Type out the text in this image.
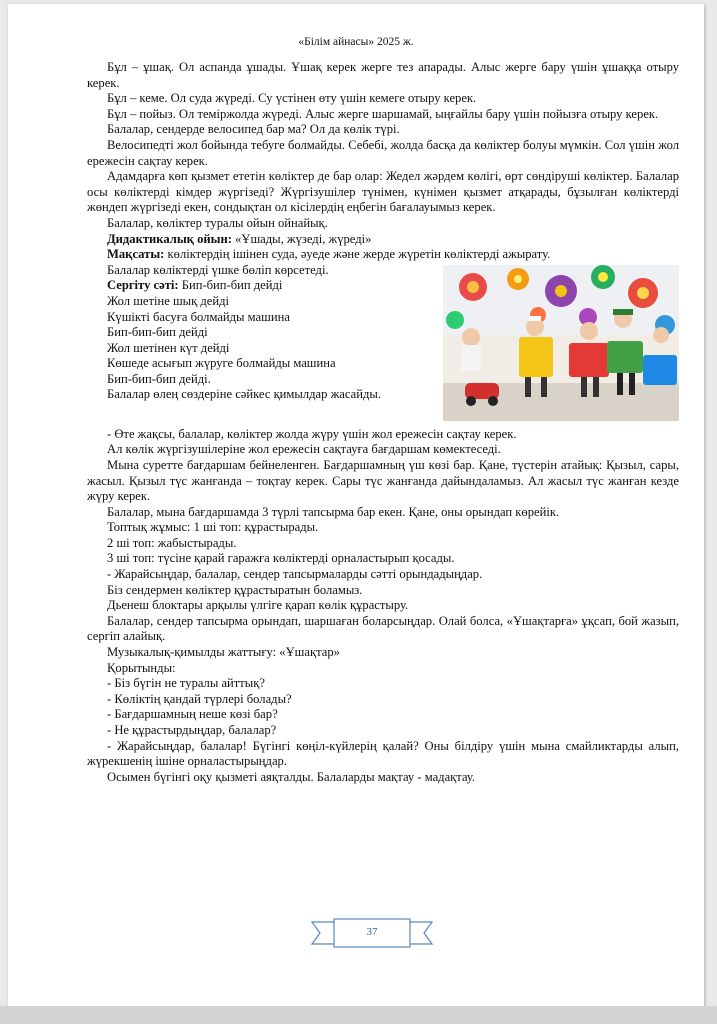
«Білім айнасы» 2025 ж.

Бұл – ұшақ. Ол аспанда ұшады. Ұшақ керек жерге тез апарады. Алыс жерге бару үшін ұшаққа отыру керек.

Бұл – кеме. Ол суда жүреді. Су үстінен өту үшін кемеге отыру керек.

Бұл – пойыз. Ол теміржолда жүреді. Алыс жерге шаршамай, ыңғайлы бару үшін пойызға отыру керек.

Балалар, сендерде велосипед бар ма? Ол да көлік түрі.

Велосипедті жол бойында тебуге болмайды. Себебі, жолда басқа да көліктер болуы мүмкін. Сол үшін жол ережесін сақтау керек.

Адамдарға көп қызмет ететін көліктер де бар олар: Жедел жәрдем көлігі, өрт сөндіруші көліктер. Балалар осы көліктерді кімдер жүргізеді? Жүргізушілер түнімен, күнімен қызмет атқарады, бұзылған көліктерді жөндеп жүргізеді екен, сондықтан ол кісілердің еңбегін бағалауымыз керек.

Балалар, көліктер туралы ойын ойнайық.

Дидактикалық ойын: «Ұшады, жүзеді, жүреді»

Мақсаты: көліктердің ішінен суда, әуеде және жерде жүретін көліктерді ажырату.

Балалар көліктерді үшке бөліп көрсетеді.

Сергіту сәті: Бип-бип-бип дейді

Жол шетіне шық дейді

Күшікті басуға болмайды машина

Бип-бип-бип дейді

Жол шетінен күт дейді

Көшеде асығып жүруге болмайды машина

Бип-бип-бип дейді.

Балалар өлең сөздеріне сәйкес қимылдар жасайды.

- Өте жақсы, балалар, көліктер жолда жүру үшін жол ережесін сақтау керек.

Ал көлік жүргізушілеріне жол ережесін сақтауға бағдаршам көмектеседі.

Мына суретте бағдаршам бейнеленген. Бағдаршамның үш көзі бар. Қане, түстерін атайық: Қызыл, сары, жасыл. Қызыл түс жанғанда – тоқтау керек. Сары түс жанғанда дайындаламыз. Ал жасыл түс жанған кезде жүру керек.

Балалар, мына бағдаршамда 3 түрлі тапсырма бар екен. Қане, оны орындап көрейік.

Топтық жұмыс: 1 ші топ: құрастырады.

2 ші топ: жабыстырады.

3 ші топ: түсіне қарай гаражға көліктерді орналастырып қосады.

- Жарайсыңдар, балалар, сендер тапсырмаларды сәтті орындадыңдар.

Біз сендермен көліктер құрастыратын боламыз.

Дьенеш блоктары арқылы үлгіге қарап көлік құрастыру.

Балалар, сендер тапсырма орындап, шаршаған боларсыңдар. Олай болса, «Ұшақтарға» ұқсап, бой жазып, сергіп алайық.

Музыкалық-қимылды жаттығу: «Ұшақтар»

Қорытынды:

- Біз бүгін не туралы айттық?

- Көліктің қандай түрлері болады?

- Бағдаршамның неше көзі бар?

- Не құрастырдыңдар, балалар?

- Жарайсыңдар, балалар! Бүгінгі көңіл-күйлерің қалай? Оны білдіру үшін мына смайликтарды алып, жүрекшенің ішіне орналастырыңдар.

Осымен бүгінгі оқу қызметі аяқталды. Балаларды мақтау - мадақтау.

37
